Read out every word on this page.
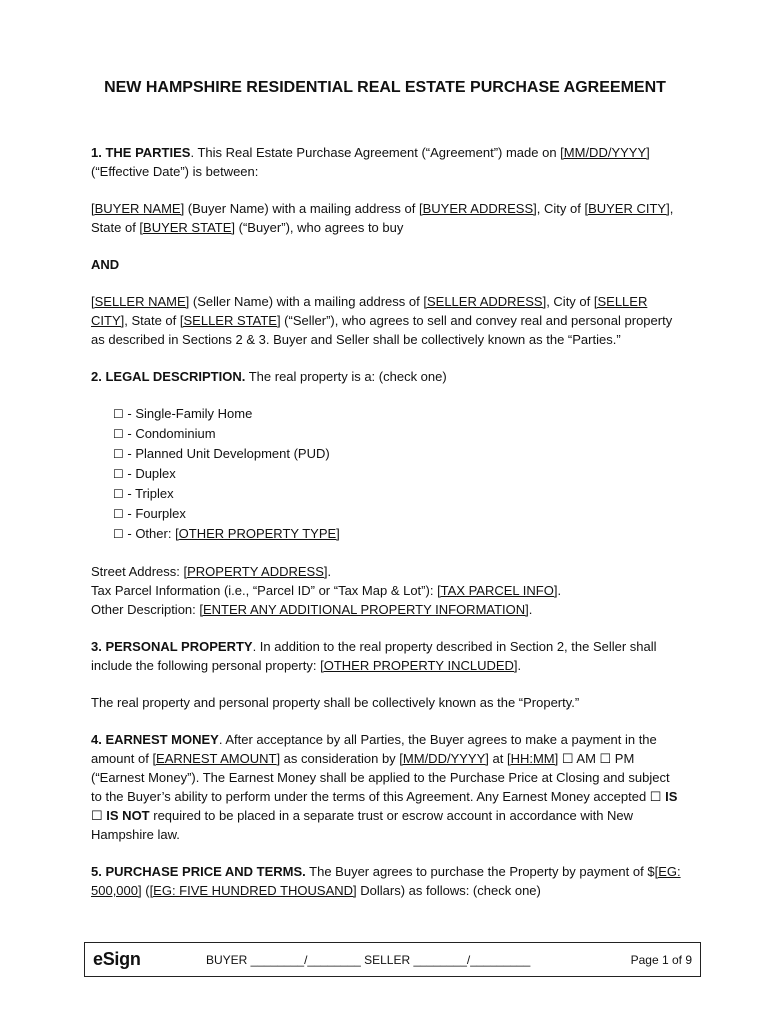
NEW HAMPSHIRE RESIDENTIAL REAL ESTATE PURCHASE AGREEMENT

1. THE PARTIES. This Real Estate Purchase Agreement (“Agreement”) made on [MM/DD/YYYY] (“Effective Date”) is between:

[BUYER NAME] (Buyer Name) with a mailing address of [BUYER ADDRESS], City of [BUYER CITY], State of [BUYER STATE] (“Buyer”), who agrees to buy

AND

[SELLER NAME] (Seller Name) with a mailing address of [SELLER ADDRESS], City of [SELLER CITY], State of [SELLER STATE] (“Seller”), who agrees to sell and convey real and personal property as described in Sections 2 & 3. Buyer and Seller shall be collectively known as the “Parties.”

2. LEGAL DESCRIPTION. The real property is a: (check one)

☐ - Single-Family Home
☐ - Condominium
☐ - Planned Unit Development (PUD)
☐ - Duplex
☐ - Triplex
☐ - Fourplex
☐ - Other: [OTHER PROPERTY TYPE]

Street Address: [PROPERTY ADDRESS].
Tax Parcel Information (i.e., “Parcel ID” or “Tax Map & Lot”): [TAX PARCEL INFO].
Other Description: [ENTER ANY ADDITIONAL PROPERTY INFORMATION].

3. PERSONAL PROPERTY. In addition to the real property described in Section 2, the Seller shall include the following personal property: [OTHER PROPERTY INCLUDED].

The real property and personal property shall be collectively known as the “Property.”

4. EARNEST MONEY. After acceptance by all Parties, the Buyer agrees to make a payment in the amount of [EARNEST AMOUNT] as consideration by [MM/DD/YYYY] at [HH:MM] ☐ AM ☐ PM (“Earnest Money”). The Earnest Money shall be applied to the Purchase Price at Closing and subject to the Buyer’s ability to perform under the terms of this Agreement. Any Earnest Money accepted ☐ IS ☐ IS NOT required to be placed in a separate trust or escrow account in accordance with New Hampshire law.

5. PURCHASE PRICE AND TERMS. The Buyer agrees to purchase the Property by payment of $[EG: 500,000] ([EG: FIVE HUNDRED THOUSAND] Dollars) as follows: (check one)

eSign	BUYER ________/________ SELLER ________/_________	Page 1 of 9
